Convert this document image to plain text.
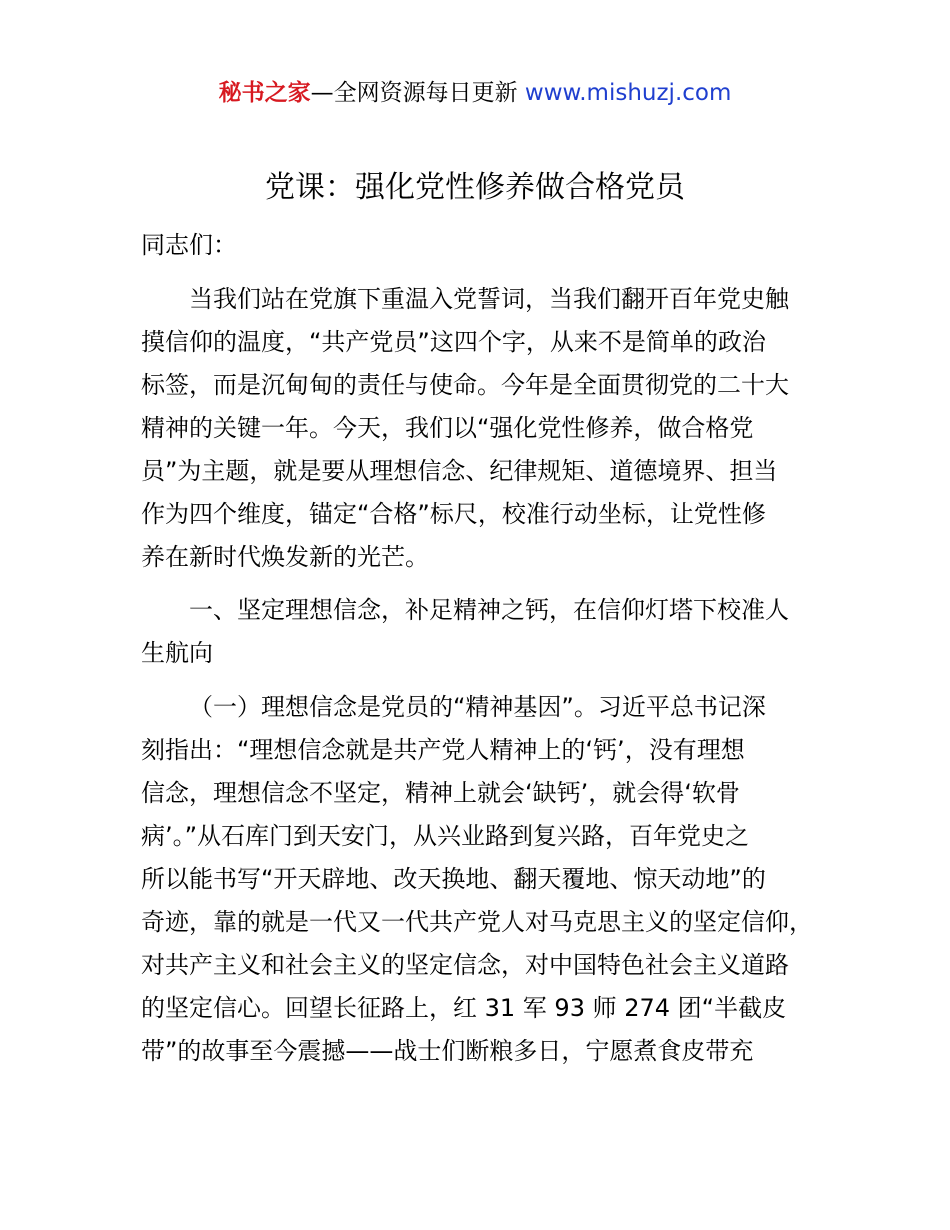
秘书之家—全网资源每日更新 www.mishuzj.com
党课：强化党性修养做合格党员

同志们：

当我们站在党旗下重温入党誓词，当我们翻开百年党史触
摸信仰的温度，“共产党员”这四个字，从来不是简单的政治
标签，而是沉甸甸的责任与使命。今年是全面贯彻党的二十大
精神的关键一年。今天，我们以“强化党性修养，做合格党
员”为主题，就是要从理想信念、纪律规矩、道德境界、担当
作为四个维度，锚定“合格”标尺，校准行动坐标，让党性修
养在新时代焕发新的光芒。

一、坚定理想信念，补足精神之钙，在信仰灯塔下校准人
生航向

（一）理想信念是党员的“精神基因”。习近平总书记深
刻指出：“理想信念就是共产党人精神上的‘钙’，没有理想
信念，理想信念不坚定，精神上就会‘缺钙’，就会得‘软骨
病’。”从石库门到天安门，从兴业路到复兴路，百年党史之
所以能书写“开天辟地、改天换地、翻天覆地、惊天动地”的
奇迹，靠的就是一代又一代共产党人对马克思主义的坚定信仰，
对共产主义和社会主义的坚定信念，对中国特色社会主义道路
的坚定信心。回望长征路上，红 31 军 93 师 274 团“半截皮
带”的故事至今震撼——战士们断粮多日，宁愿煮食皮带充
